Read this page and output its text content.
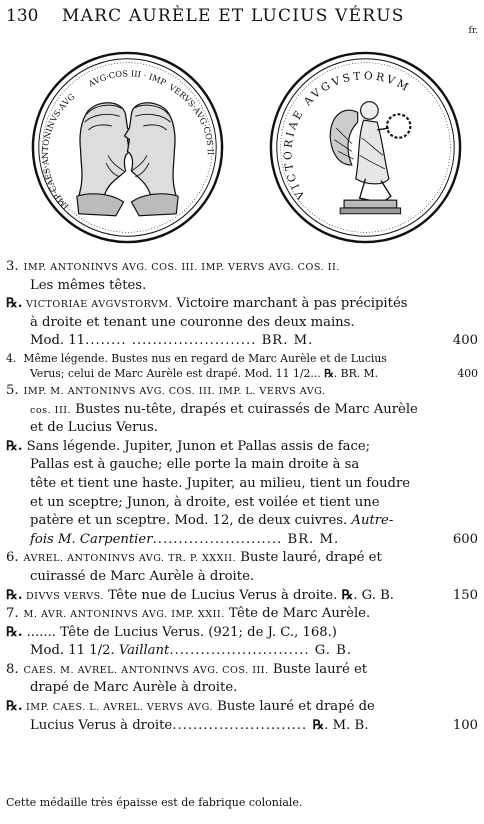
130 MARC AURÈLE ET LUCIUS VÉRUS
fr.
IMP·CAES·ANTONINVS·AVG
AVG·COS III · IMP
VERVS·AVG·COS II
VICTORIAE AVGVSTORVM
3. IMP. ANTONINVS AVG. COS. III. IMP. VERVS AVG. COS. II.
Les mêmes têtes.
℞. VICTORIAE AVGVSTORVM. Victoire marchant à pas précipités
à droite et tenant une couronne des deux mains.
Mod. 11........ ........................ BR. M.	400
4. Même légende. Bustes nus en regard de Marc Aurèle et de Lucius
Verus; celui de Marc Aurèle est drapé. Mod. 11 1/2... ℞. BR. M.	400
5. IMP. M. ANTONINVS AVG. COS. III. IMP. L. VERVS AVG.
cos. III. Bustes nu-tête, drapés et cuirassés de Marc Aurèle
et de Lucius Verus.
℞. Sans légende. Jupiter, Junon et Pallas assis de face;
Pallas est à gauche; elle porte la main droite à sa
tête et tient une haste. Jupiter, au milieu, tient un foudre
et un sceptre; Junon, à droite, est voilée et tient une
patère et un sceptre. Mod. 12, de deux cuivres. Autre-
fois M. Carpentier......................... BR. M.	600
6. AVREL. ANTONINVS AVG. TR. P. XXXII. Buste lauré, drapé et
cuirassé de Marc Aurèle à droite.
℞. DIVVS VERVS. Tête nue de Lucius Verus à droite. ℞. G. B.	150
7. M. AVR. ANTONINVS AVG. IMP. XXII. Tête de Marc Aurèle.
℞. ....... Tête de Lucius Verus. (921; de J. C., 168.)
Mod. 11 1/2. Vaillant........................... G. B.
8. CAES. M. AVREL. ANTONINVS AVG. COS. III. Buste lauré et
drapé de Marc Aurèle à droite.
℞. IMP. CAES. L. AVREL. VERVS AVG. Buste lauré et drapé de
Lucius Verus à droite.......................... ℞. M. B.	100
Cette médaille très épaisse est de fabrique coloniale.
